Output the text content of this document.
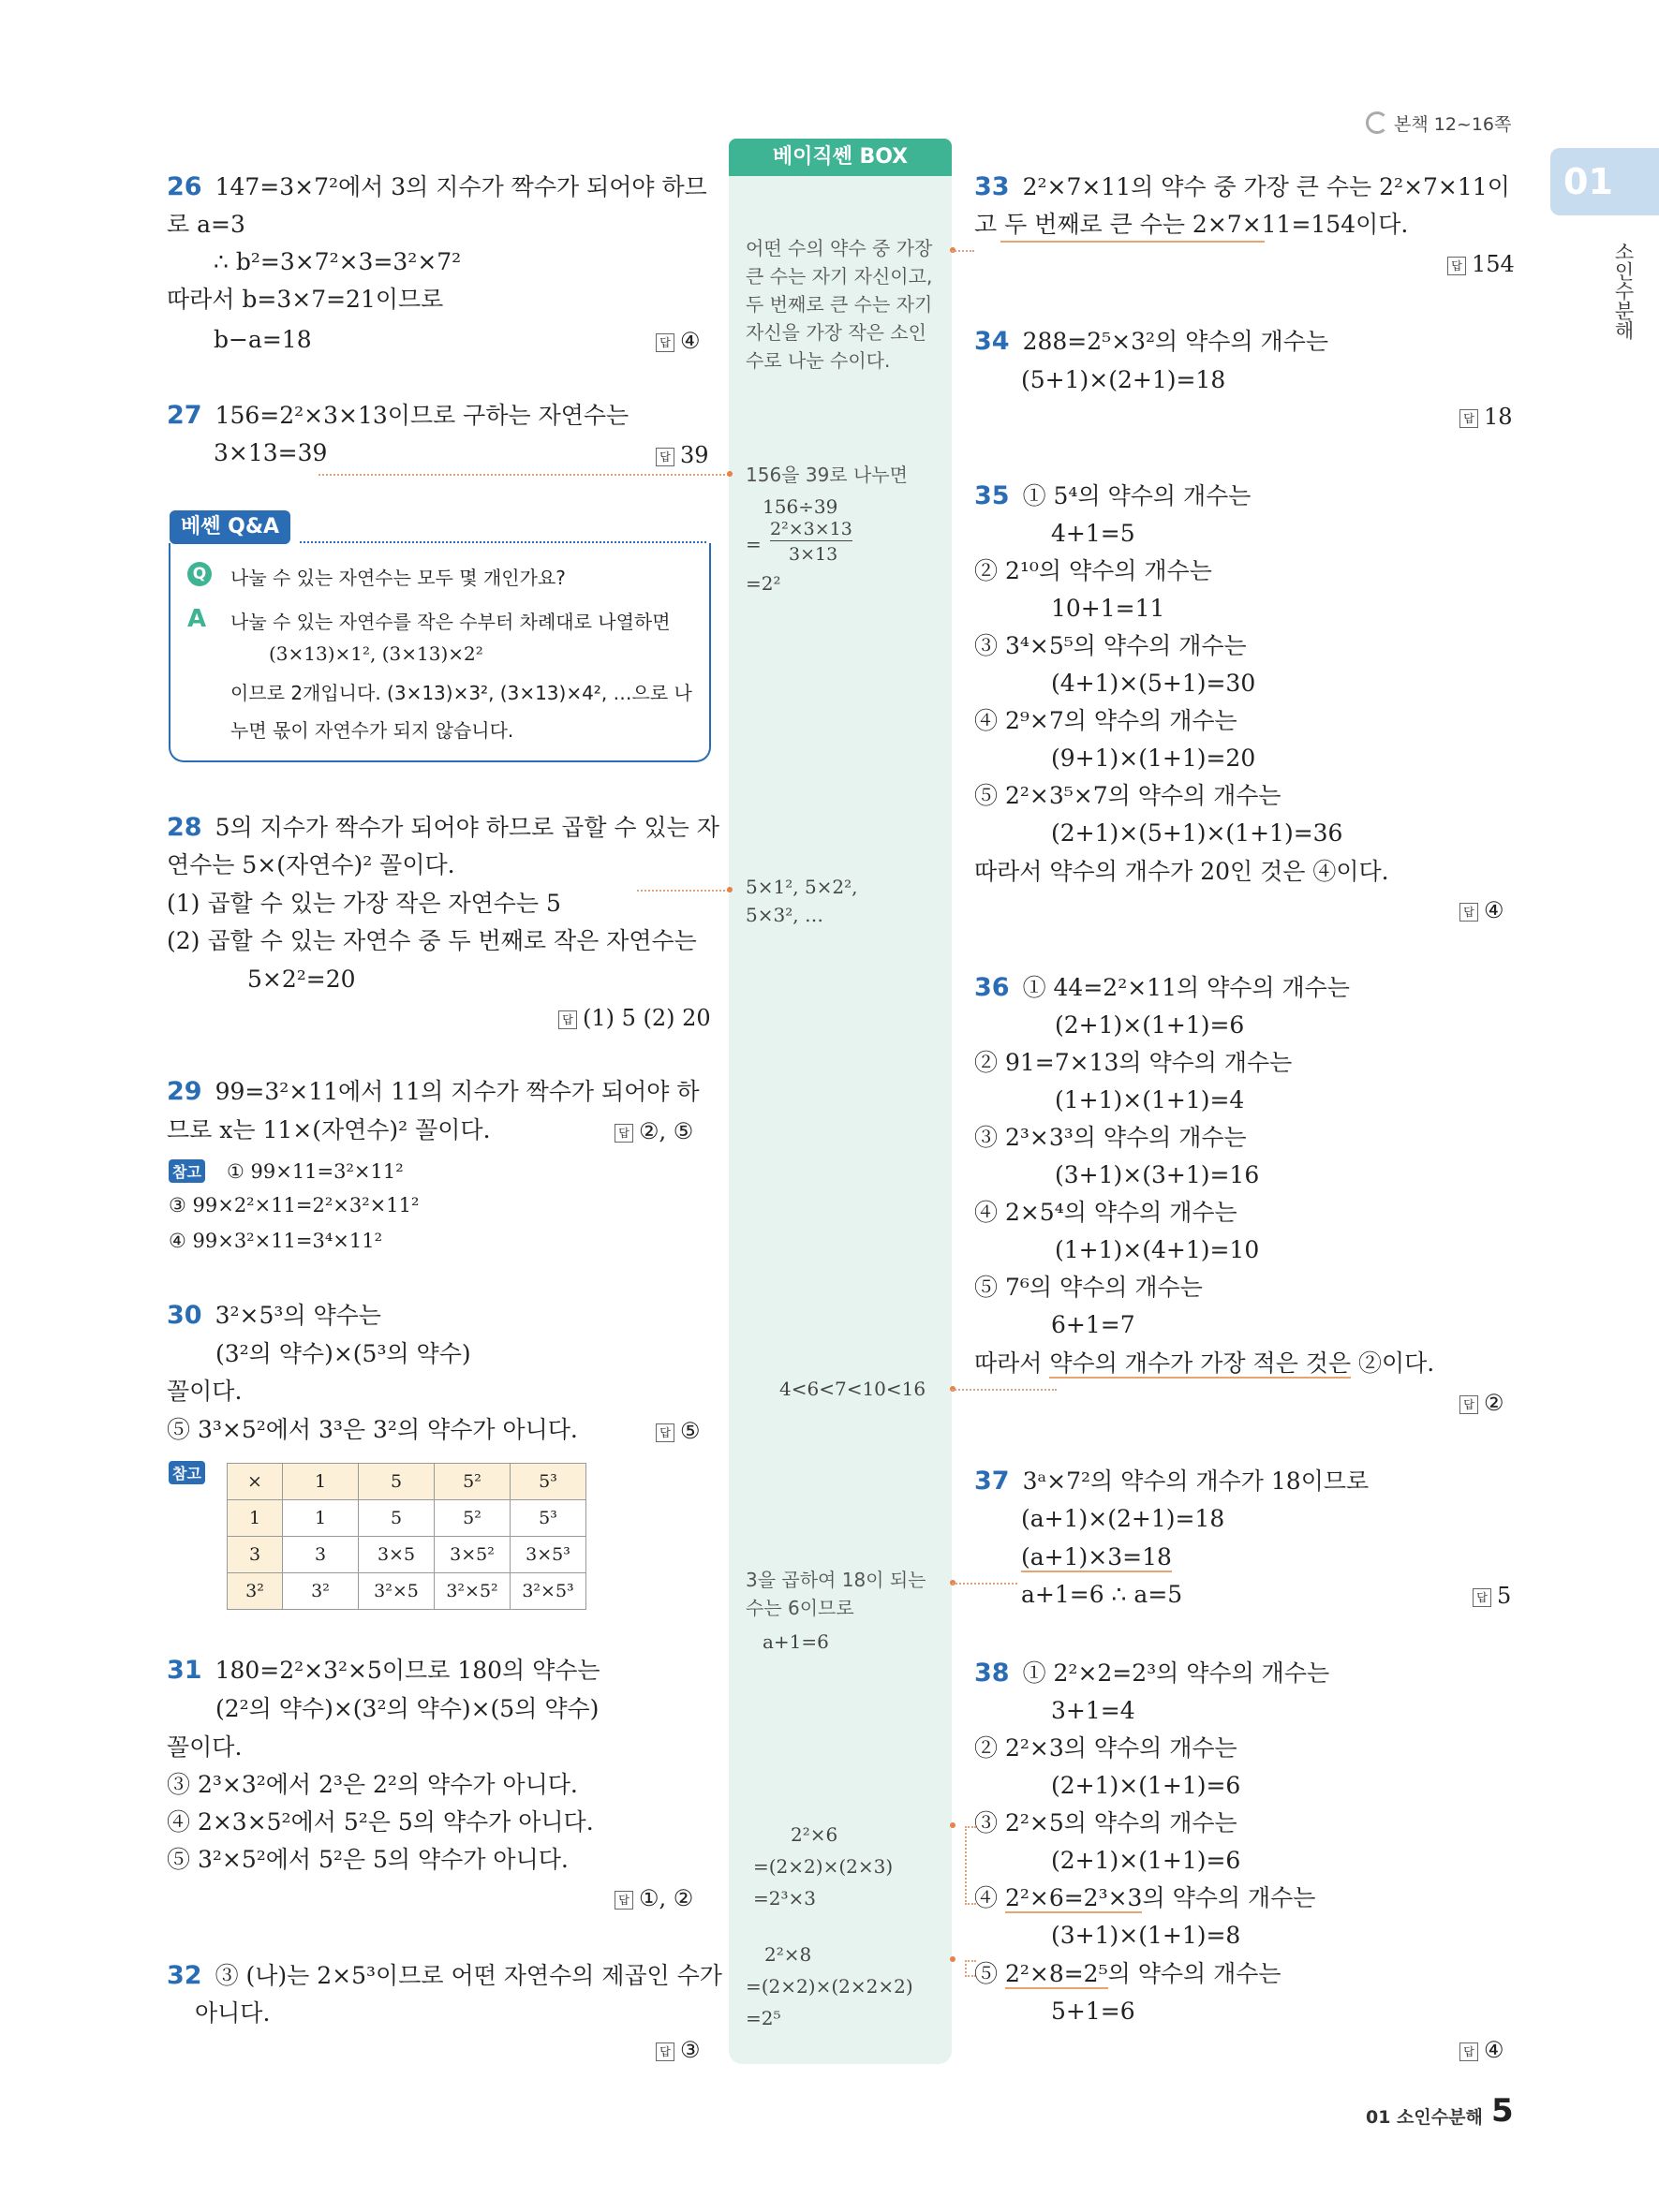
본책 12~16쪽
01
소인수분해
베이직쎈 BOX
26 147=3×7²에서 3의 지수가 짝수가 되어야 하므
로 a=3
∴ b²=3×7²×3=3²×7²
따라서 b=3×7=21이므로
b−a=18	답 ④
27 156=2²×3×13이므로 구하는 자연수는
3×13=39	답 39
베쎈 Q&A
Q 나눌 수 있는 자연수는 모두 몇 개인가요?
A 나눌 수 있는 자연수를 작은 수부터 차례대로 나열하면
(3×13)×1², (3×13)×2²
이므로 2개입니다. (3×13)×3², (3×13)×4², …으로 나
누면 몫이 자연수가 되지 않습니다.
28 5의 지수가 짝수가 되어야 하므로 곱할 수 있는 자
연수는 5×(자연수)² 꼴이다.
(1) 곱할 수 있는 가장 작은 자연수는 5
(2) 곱할 수 있는 자연수 중 두 번째로 작은 자연수는
5×2²=20
답 (1) 5 (2) 20
29 99=3²×11에서 11의 지수가 짝수가 되어야 하
므로 x는 11×(자연수)² 꼴이다.	답 ②, ⑤
참고 ① 99×11=3²×11²
③ 99×2²×11=2²×3²×11²
④ 99×3²×11=3⁴×11²
30 3²×5³의 약수는
(3²의 약수)×(5³의 약수)
꼴이다.
⑤ 3³×5²에서 3³은 3²의 약수가 아니다.	답 ⑤
참고	×	1	5	5²	5³
1	1	5	5²	5³
3	3	3×5	3×5²	3×5³
3²	3²	3²×5	3²×5²	3²×5³
31 180=2²×3²×5이므로 180의 약수는
(2²의 약수)×(3²의 약수)×(5의 약수)
꼴이다.
③ 2³×3²에서 2³은 2²의 약수가 아니다.
④ 2×3×5²에서 5²은 5의 약수가 아니다.
⑤ 3²×5²에서 5²은 5의 약수가 아니다.
답 ①, ②
32 ③ (나)는 2×5³이므로 어떤 자연수의 제곱인 수가
아니다.
답 ③
어떤 수의 약수 중 가장
큰 수는 자기 자신이고,
두 번째로 큰 수는 자기
자신을 가장 작은 소인
수로 나눈 수이다.
156을 39로 나누면
156÷39
=
2²×3×13
3×13
=2²
5×1², 5×2²,
5×3², …
4<6<7<10<16
3을 곱하여 18이 되는
수는 6이므로
a+1=6
2²×6
=(2×2)×(2×3)
=2³×3
2²×8
=(2×2)×(2×2×2)
=2⁵
33 2²×7×11의 약수 중 가장 큰 수는 2²×7×11이
고 두 번째로 큰 수는 2×7×11=154이다.
답 154
34 288=2⁵×3²의 약수의 개수는
(5+1)×(2+1)=18
답 18
35 ① 5⁴의 약수의 개수는
4+1=5
② 2¹⁰의 약수의 개수는
10+1=11
③ 3⁴×5⁵의 약수의 개수는
(4+1)×(5+1)=30
④ 2⁹×7의 약수의 개수는
(9+1)×(1+1)=20
⑤ 2²×3⁵×7의 약수의 개수는
(2+1)×(5+1)×(1+1)=36
따라서 약수의 개수가 20인 것은 ④이다.
답 ④
36 ① 44=2²×11의 약수의 개수는
(2+1)×(1+1)=6
② 91=7×13의 약수의 개수는
(1+1)×(1+1)=4
③ 2³×3³의 약수의 개수는
(3+1)×(3+1)=16
④ 2×5⁴의 약수의 개수는
(1+1)×(4+1)=10
⑤ 7⁶의 약수의 개수는
6+1=7
따라서 약수의 개수가 가장 적은 것은 ②이다.
답 ②
37 3ᵃ×7²의 약수의 개수가 18이므로
(a+1)×(2+1)=18
(a+1)×3=18
a+1=6 ∴ a=5	답 5
38 ① 2²×2=2³의 약수의 개수는
3+1=4
② 2²×3의 약수의 개수는
(2+1)×(1+1)=6
③ 2²×5의 약수의 개수는
(2+1)×(1+1)=6
④ 2²×6=2³×3의 약수의 개수는
(3+1)×(1+1)=8
⑤ 2²×8=2⁵의 약수의 개수는
5+1=6
답 ④
01 소인수분해 5
